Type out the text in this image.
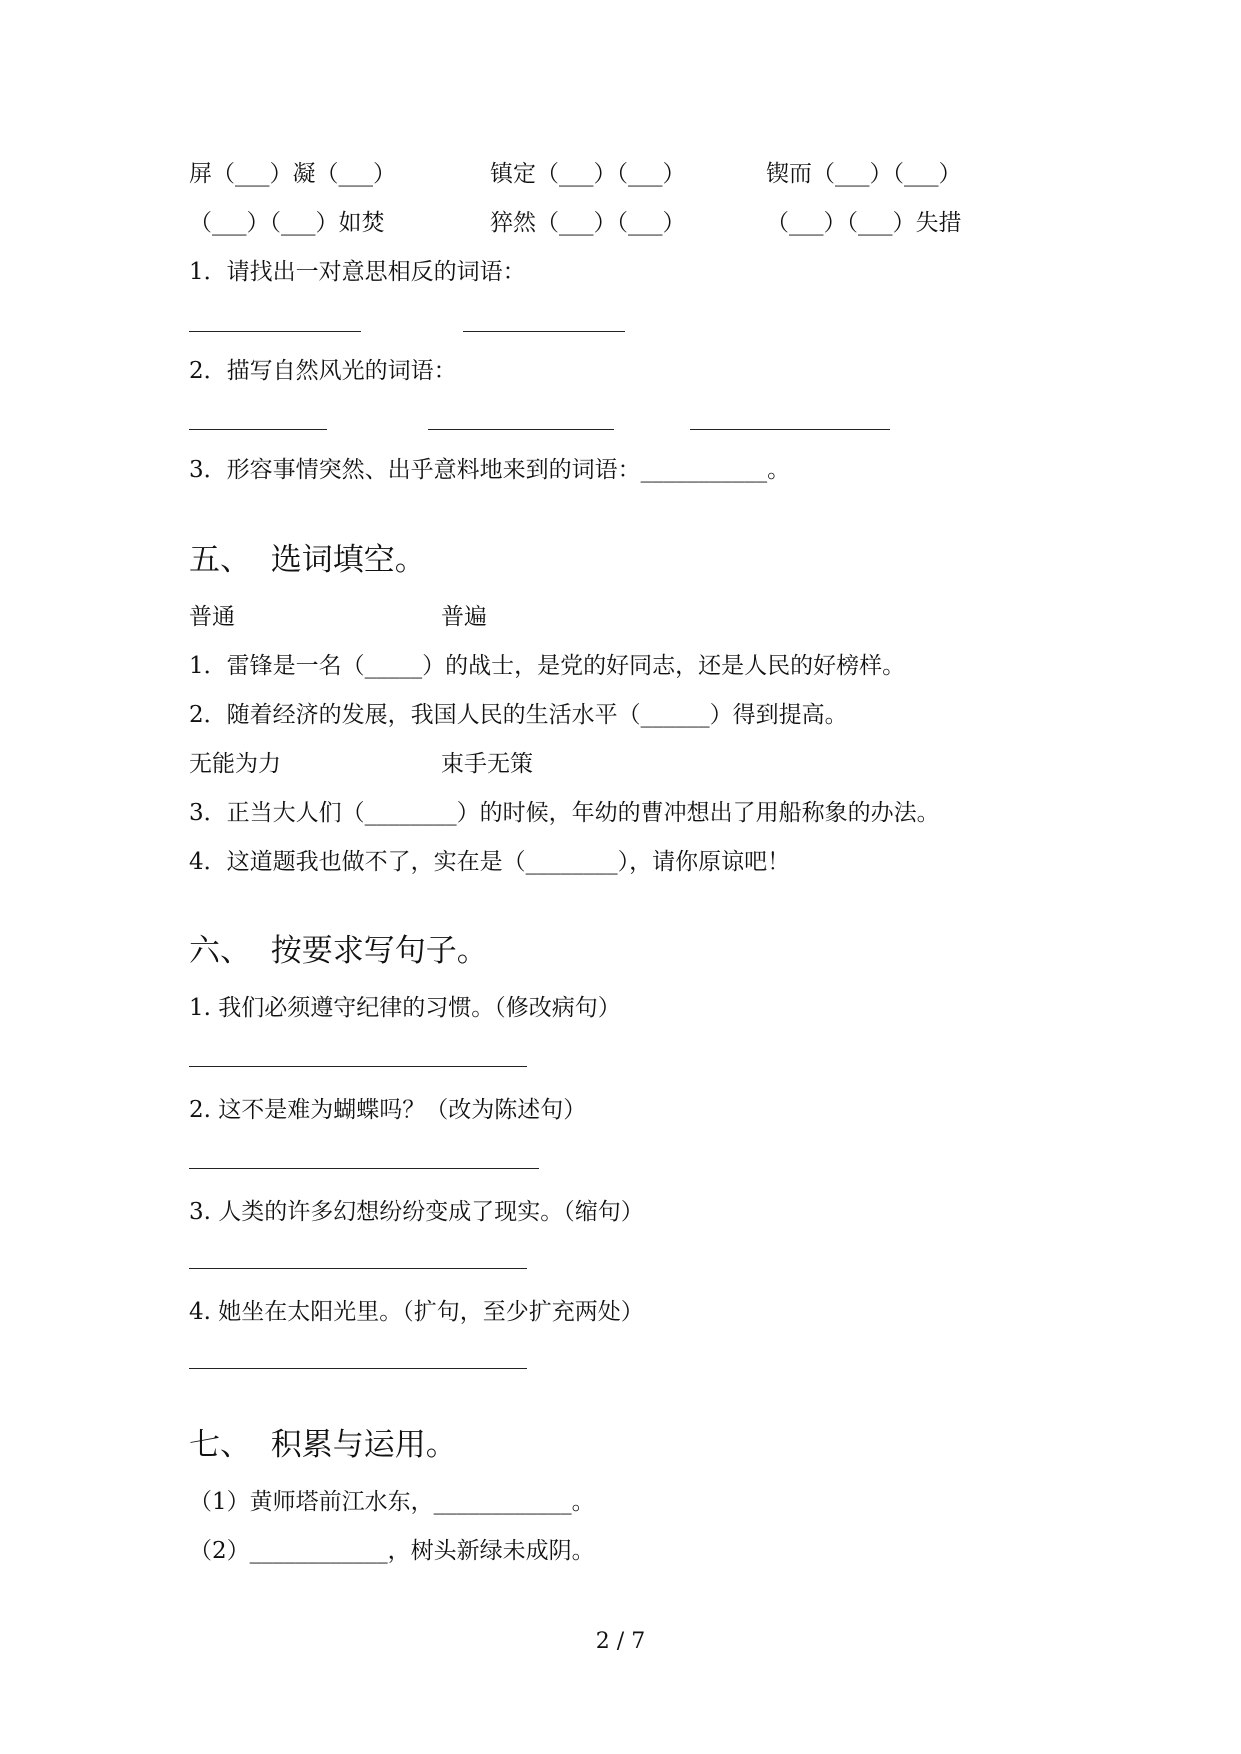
屏（___）凝（___）	镇定（___）（___）	锲而（___）（___）
（___）（___）如焚	猝然（___）（___）	（___）（___）失措
1．请找出一对意思相反的词语：
2．描写自然风光的词语：
3．形容事情突然、出乎意料地来到的词语：___________。
五、  选词填空。
普通	普遍
1．雷锋是一名（_____）的战士，是党的好同志，还是人民的好榜样。
2．随着经济的发展，我国人民的生活水平（______）得到提高。
无能为力	束手无策
3．正当大人们（________）的时候，年幼的曹冲想出了用船称象的办法。
4．这道题我也做不了，实在是（________），请你原谅吧！
六、  按要求写句子。
1. 我们必须遵守纪律的习惯。（修改病句）
2. 这不是难为蝴蝶吗？（改为陈述句）
3. 人类的许多幻想纷纷变成了现实。（缩句）
4. 她坐在太阳光里。（扩句，至少扩充两处）
七、  积累与运用。
（1）黄师塔前江水东，____________。
（2）____________，树头新绿未成阴。
2 / 7
